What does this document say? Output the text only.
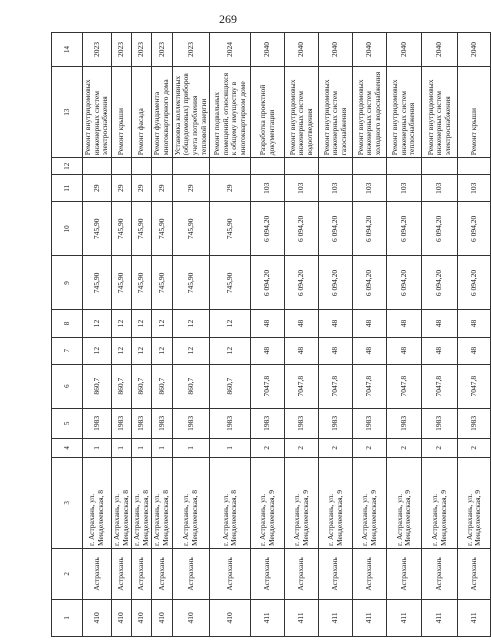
269
1	2	3	4	5	6	7	8	9	10	11	12	13	14
410	Астрахань	г. Астрахань, ул. Менделеевская, 8	1	1983	860,7	12	12	745,90	745,90	29		Ремонт внутридомовых инженерных систем электроснабжения	2023
410	Астрахань	г. Астрахань, ул. Менделеевская, 8	1	1983	860,7	12	12	745,90	745,90	29		Ремонт крыши	2023
410	Астрахань	г. Астрахань, ул. Менделеевская, 8	1	1983	860,7	12	12	745,90	745,90	29		Ремонт фасада	2023
410	Астрахань	г. Астрахань, ул. Менделеевская, 8	1	1983	860,7	12	12	745,90	745,90	29		Ремонт фундамента многоквартирного дома	2023
410	Астрахань	г. Астрахань, ул. Менделеевская, 8	1	1983	860,7	12	12	745,90	745,90	29		Установка коллективных (общедомовых) приборов учета потребления тепловой энергии	2023
410	Астрахань	г. Астрахань, ул. Менделеевская, 8	1	1983	860,7	12	12	745,90	745,90	29		Ремонт подвальных помещений, относящихся к общему имуществу в многоквартирном доме	2024
411	Астрахань	г. Астрахань, ул. Менделеевская, 9	2	1983	7047,8	48	48	6 094,20	6 094,20	103		Разработка проектной документации	2040
411	Астрахань	г. Астрахань, ул. Менделеевская, 9	2	1983	7047,8	48	48	6 094,20	6 094,20	103		Ремонт внутридомовых инженерных систем водоотведения	2040
411	Астрахань	г. Астрахань, ул. Менделеевская, 9	2	1983	7047,8	48	48	6 094,20	6 094,20	103		Ремонт внутридомовых инженерных систем газоснабжения	2040
411	Астрахань	г. Астрахань, ул. Менделеевская, 9	2	1983	7047,8	48	48	6 094,20	6 094,20	103		Ремонт внутридомовых инженерных систем холодного водоснабжения	2040
411	Астрахань	г. Астрахань, ул. Менделеевская, 9	2	1983	7047,8	48	48	6 094,20	6 094,20	103		Ремонт внутридомовых инженерных систем теплоснабжения	2040
411	Астрахань	г. Астрахань, ул. Менделеевская, 9	2	1983	7047,8	48	48	6 094,20	6 094,20	103		Ремонт внутридомовых инженерных систем электроснабжения	2040
411	Астрахань	г. Астрахань, ул. Менделеевская, 9	2	1983	7047,8	48	48	6 094,20	6 094,20	103		Ремонт крыши	2040
